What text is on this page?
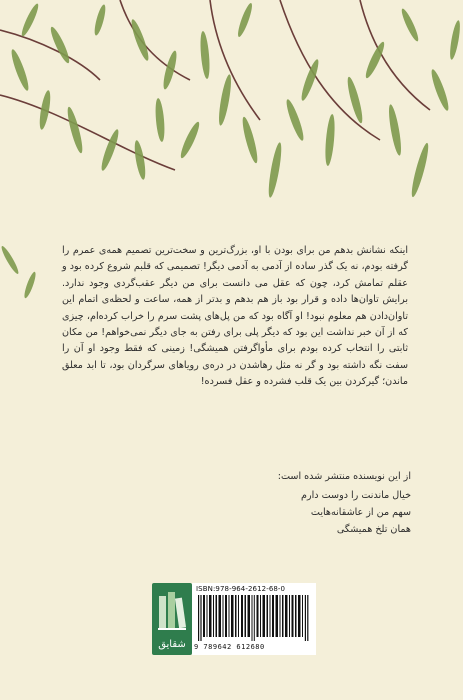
اینکه نشانش بدهم من برای بودن با او، بزرگ‌ترین و سخت‌ترین تصمیم همه‌ی عمرم را گرفته بودم، نه یک گذر ساده از آدمی به آدمی دیگر! تصمیمی که قلبم شروع کرده بود و عقلم تمامش کرد، چون که عقل می دانست برای من دیگر عقب‌گردی وجود ندارد. برایش تاوان‌ها داده و قرار بود باز هم بدهم و بدتر از همه، ساعت و لحظه‌ی اتمام این تاوان‌دادن هم معلوم نبود! او آگاه بود که من پل‌های پشت سرم را خراب کرده‌ام، چیزی که از آن خبر نداشت این بود که دیگر پلی برای رفتن به جای دیگر نمی‌خواهم! من مکان ثابتی را انتخاب کرده بودم برای مأواگرفتن همیشگی! زمینی که فقط وجود او آن را سفت نگه داشته بود و گر نه مثل رهاشدن در دره‌ی رویاهای سرگردان بود، تا ابد معلق ماندن؛ گیرکردن بین یک قلب فشرده و عقل فسرده!

از این نویسنده منتشر شده است:
خیال ماندنت را دوست دارم
سهم من از عاشقانه‌هایت
همان تلخ همیشگی
شقایق
ISBN:978-964-2612-68-0
9 789642 612680
